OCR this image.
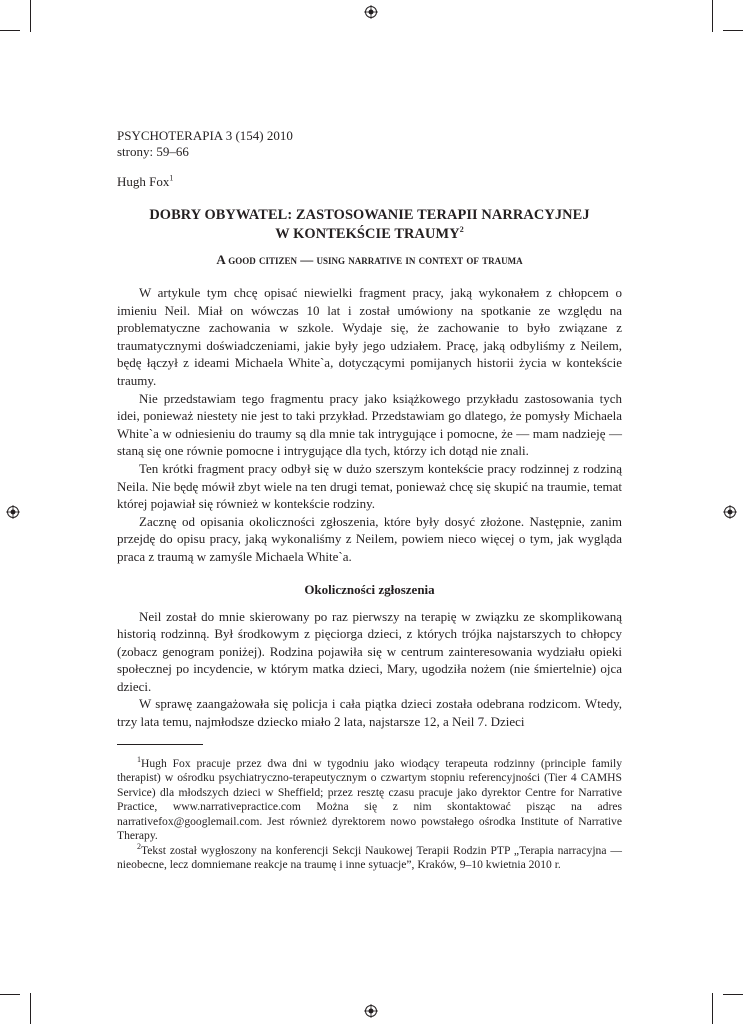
PSYCHOTERAPIA 3 (154) 2010
strony: 59–66
Hugh Fox$^1$
DOBRY OBYWATEL: ZASTOSOWANIE TERAPII NARRACYJNEJ
W KONTEKŚCIE TRAUMY$^2$
A good citizen — using narrative in context of trauma

W artykule tym chcę opisać niewielki fragment pracy, jaką wykonałem z chłopcem o imieniu Neil. Miał on wówczas 10 lat i został umówiony na spotkanie ze względu na problematyczne zachowania w szkole. Wydaje się, że zachowanie to było związane z traumatycznymi doświadczeniami, jakie były jego udziałem. Pracę, jaką odbyliśmy z Neilem, będę łączył z ideami Michaela White`a, dotyczącymi pomijanych historii życia w kontekście traumy.

Nie przedstawiam tego fragmentu pracy jako książkowego przykładu zastosowania tych idei, ponieważ niestety nie jest to taki przykład. Przedstawiam go dlatego, że pomysły Michaela White`a w odniesieniu do traumy są dla mnie tak intrygujące i pomocne, że — mam nadzieję — staną się one równie pomocne i intrygujące dla tych, którzy ich dotąd nie znali.

Ten krótki fragment pracy odbył się w dużo szerszym kontekście pracy rodzinnej z rodziną Neila. Nie będę mówił zbyt wiele na ten drugi temat, ponieważ chcę się skupić na traumie, temat której pojawiał się również w kontekście rodziny.

Zacznę od opisania okoliczności zgłoszenia, które były dosyć złożone. Następnie, zanim przejdę do opisu pracy, jaką wykonaliśmy z Neilem, powiem nieco więcej o tym, jak wygląda praca z traumą w zamyśle Michaela White`a.

Okoliczności zgłoszenia

Neil został do mnie skierowany po raz pierwszy na terapię w związku ze skomplikowaną historią rodzinną. Był środkowym z pięciorga dzieci, z których trójka najstarszych to chłopcy (zobacz genogram poniżej). Rodzina pojawiła się w centrum zainteresowania wydziału opieki społecznej po incydencie, w którym matka dzieci, Mary, ugodziła nożem (nie śmiertelnie) ojca dzieci.

W sprawę zaangażowała się policja i cała piątka dzieci została odebrana rodzicom. Wtedy, trzy lata temu, najmłodsze dziecko miało 2 lata, najstarsze 12, a Neil 7. Dzieci

$^1$Hugh Fox pracuje przez dwa dni w tygodniu jako wiodący terapeuta rodzinny (principle family therapist) w ośrodku psychiatryczno-terapeutycznym o czwartym stopniu referencyjności (Tier 4 CAMHS Service) dla młodszych dzieci w Sheffield; przez resztę czasu pracuje jako dyrektor Centre for Narrative Practice, www.narrativepractice.com Można się z nim skontaktować pisząc na adres narrativefox@googlemail.com. Jest również dyrektorem nowo powstałego ośrodka Institute of Narrative Therapy.

$^2$Tekst został wygłoszony na konferencji Sekcji Naukowej Terapii Rodzin PTP „Terapia narracyjna — nieobecne, lecz domniemane reakcje na traumę i inne sytuacje”, Kraków, 9–10 kwietnia 2010 r.
